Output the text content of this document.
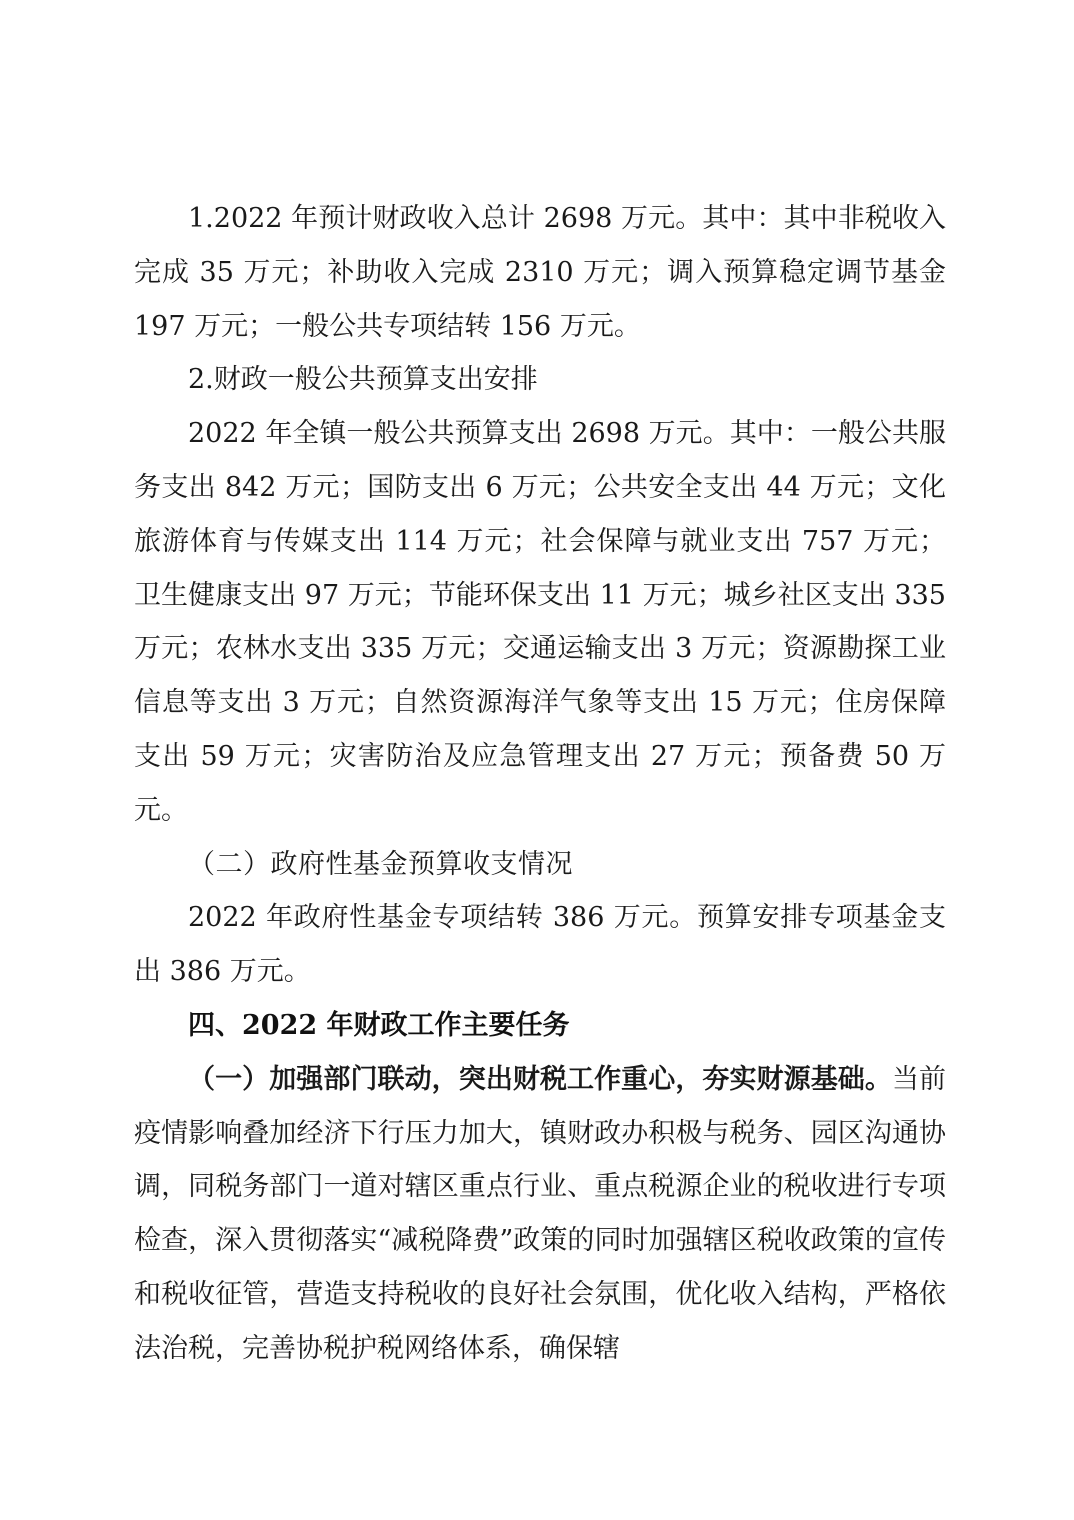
1.2022 年预计财政收入总计 2698 万元。其中：其中非税收入完成 35 万元；补助收入完成 2310 万元；调入预算稳定调节基金 197 万元；一般公共专项结转 156 万元。

2.财政一般公共预算支出安排

2022 年全镇一般公共预算支出 2698 万元。其中：一般公共服务支出 842 万元；国防支出 6 万元；公共安全支出 44 万元；文化旅游体育与传媒支出 114 万元；社会保障与就业支出 757 万元；卫生健康支出 97 万元；节能环保支出 11 万元；城乡社区支出 335 万元；农林水支出 335 万元；交通运输支出 3 万元；资源勘探工业信息等支出 3 万元；自然资源海洋气象等支出 15 万元；住房保障支出 59 万元；灾害防治及应急管理支出 27 万元；预备费 50 万元。

（二）政府性基金预算收支情况

2022 年政府性基金专项结转 386 万元。预算安排专项基金支出 386 万元。

四、2022 年财政工作主要任务

（一）加强部门联动，突出财税工作重心，夯实财源基础。当前疫情影响叠加经济下行压力加大，镇财政办积极与税务、园区沟通协调，同税务部门一道对辖区重点行业、重点税源企业的税收进行专项检查，深入贯彻落实“减税降费”政策的同时加强辖区税收政策的宣传和税收征管，营造支持税收的良好社会氛围，优化收入结构，严格依法治税，完善协税护税网络体系，确保辖
